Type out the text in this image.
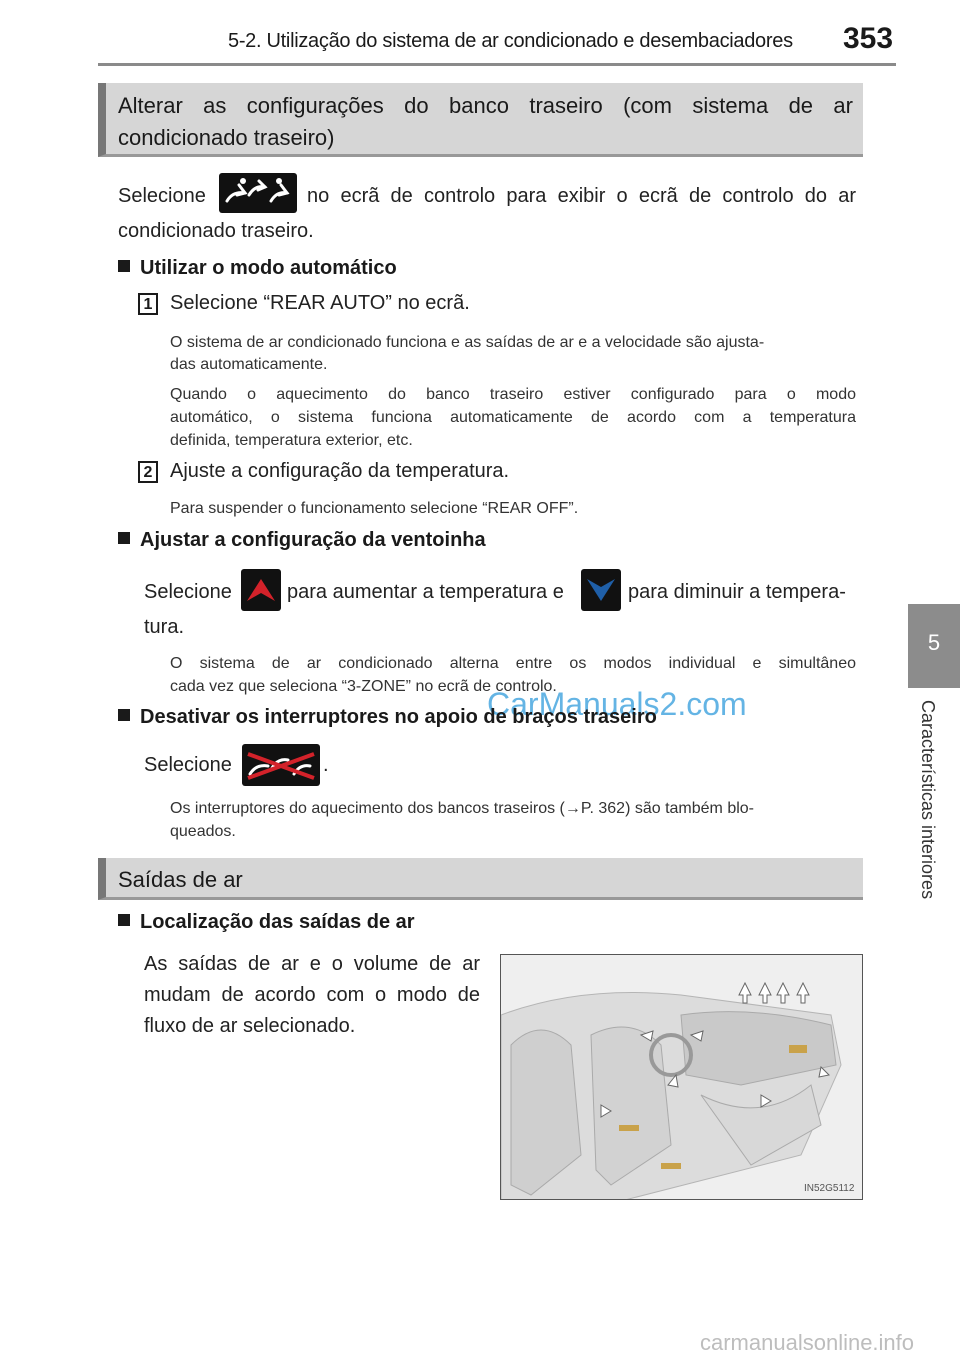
5-2. Utilização do sistema de ar condicionado e desembaciadores 353
5
Características interiores
Alterar as configurações do banco traseiro (com sistema de ar
condicionado traseiro)
Selecione	no ecrã de controlo para exibir o ecrã de controlo do ar
condicionado traseiro.
Utilizar o modo automático
1 Selecione “REAR AUTO” no ecrã.
O sistema de ar condicionado funciona e as saídas de ar e a velocidade são ajusta-
das automaticamente.
Quando o aquecimento do banco traseiro estiver configurado para o modo
automático, o sistema funciona automaticamente de acordo com a temperatura
definida, temperatura exterior, etc.
2 Ajuste a configuração da temperatura.
Para suspender o funcionamento selecione “REAR OFF”.
Ajustar a configuração da ventoinha
Selecione	para aumentar a temperatura e	para diminuir a tempera-
tura.
O sistema de ar condicionado alterna entre os modos individual e simultâneo
cada vez que seleciona “3-ZONE” no ecrã de controlo.
CarManuals2.com
Desativar os interruptores no apoio de braços traseiro
Selecione	.
Os interruptores do aquecimento dos bancos traseiros (→P. 362) são também blo-
queados.
Saídas de ar
Localização das saídas de ar
As saídas de ar e o volume de ar
mudam de acordo com o modo de
fluxo de ar selecionado.
IN52G5112
carmanualsonline.info
